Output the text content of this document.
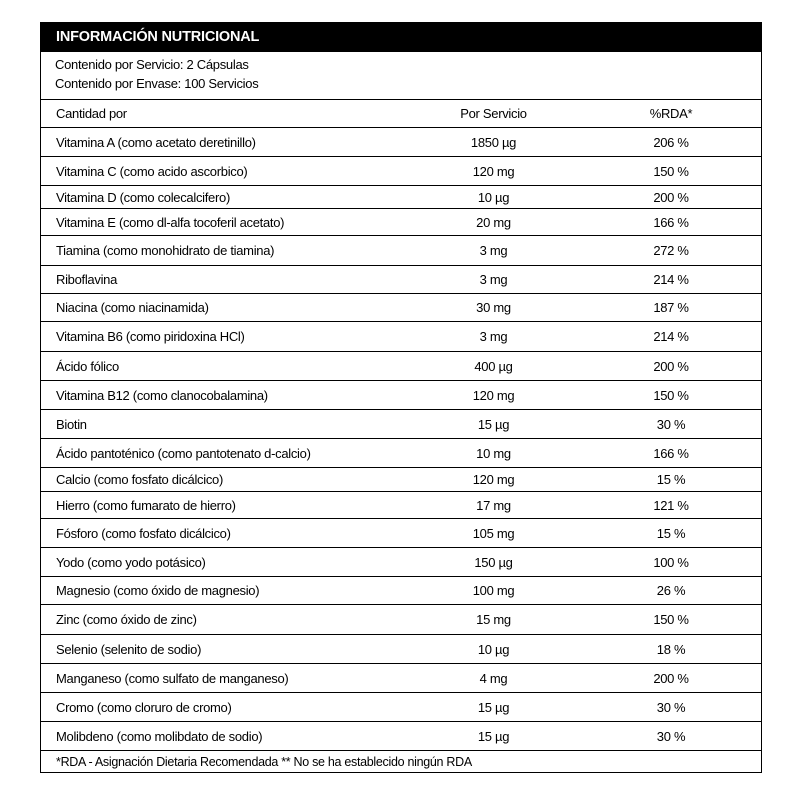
INFORMACIÓN NUTRICIONAL
Contenido por Servicio: 2 Cápsulas
Contenido por Envase: 100 Servicios
Cantidad por	Por Servicio	%RDA*
Vitamina A (como acetato deretinillo)	1850 µg	206 %
Vitamina C (como acido ascorbico)	120 mg	150 %
Vitamina D (como colecalcifero)	10 µg	200 %
Vitamina E (como dl-alfa tocoferil acetato)	20 mg	166 %
Tiamina (como monohidrato de tiamina)	3 mg	272 %
Riboflavina	3 mg	214 %
Niacina (como niacinamida)	30 mg	187 %
Vitamina B6 (como piridoxina HCl)	3 mg	214 %
Ácido fólico	400 µg	200 %
Vitamina B12 (como clanocobalamina)	120 mg	150 %
Biotin	15 µg	30 %
Ácido pantoténico (como pantotenato d-calcio)	10 mg	166 %
Calcio (como fosfato dicálcico)	120 mg	15 %
Hierro (como fumarato de hierro)	17 mg	121 %
Fósforo (como fosfato dicálcico)	105 mg	15 %
Yodo (como yodo potásico)	150 µg	100 %
Magnesio (como óxido de magnesio)	100 mg	26 %
Zinc (como óxido de zinc)	15 mg	150 %
Selenio (selenito de sodio)	10 µg	18 %
Manganeso (como sulfato de manganeso)	4 mg	200 %
Cromo (como cloruro de cromo)	15 µg	30 %
Molibdeno (como molibdato de sodio)	15 µg	30 %
*RDA - Asignación Dietaria Recomendada ** No se ha establecido ningún RDA
